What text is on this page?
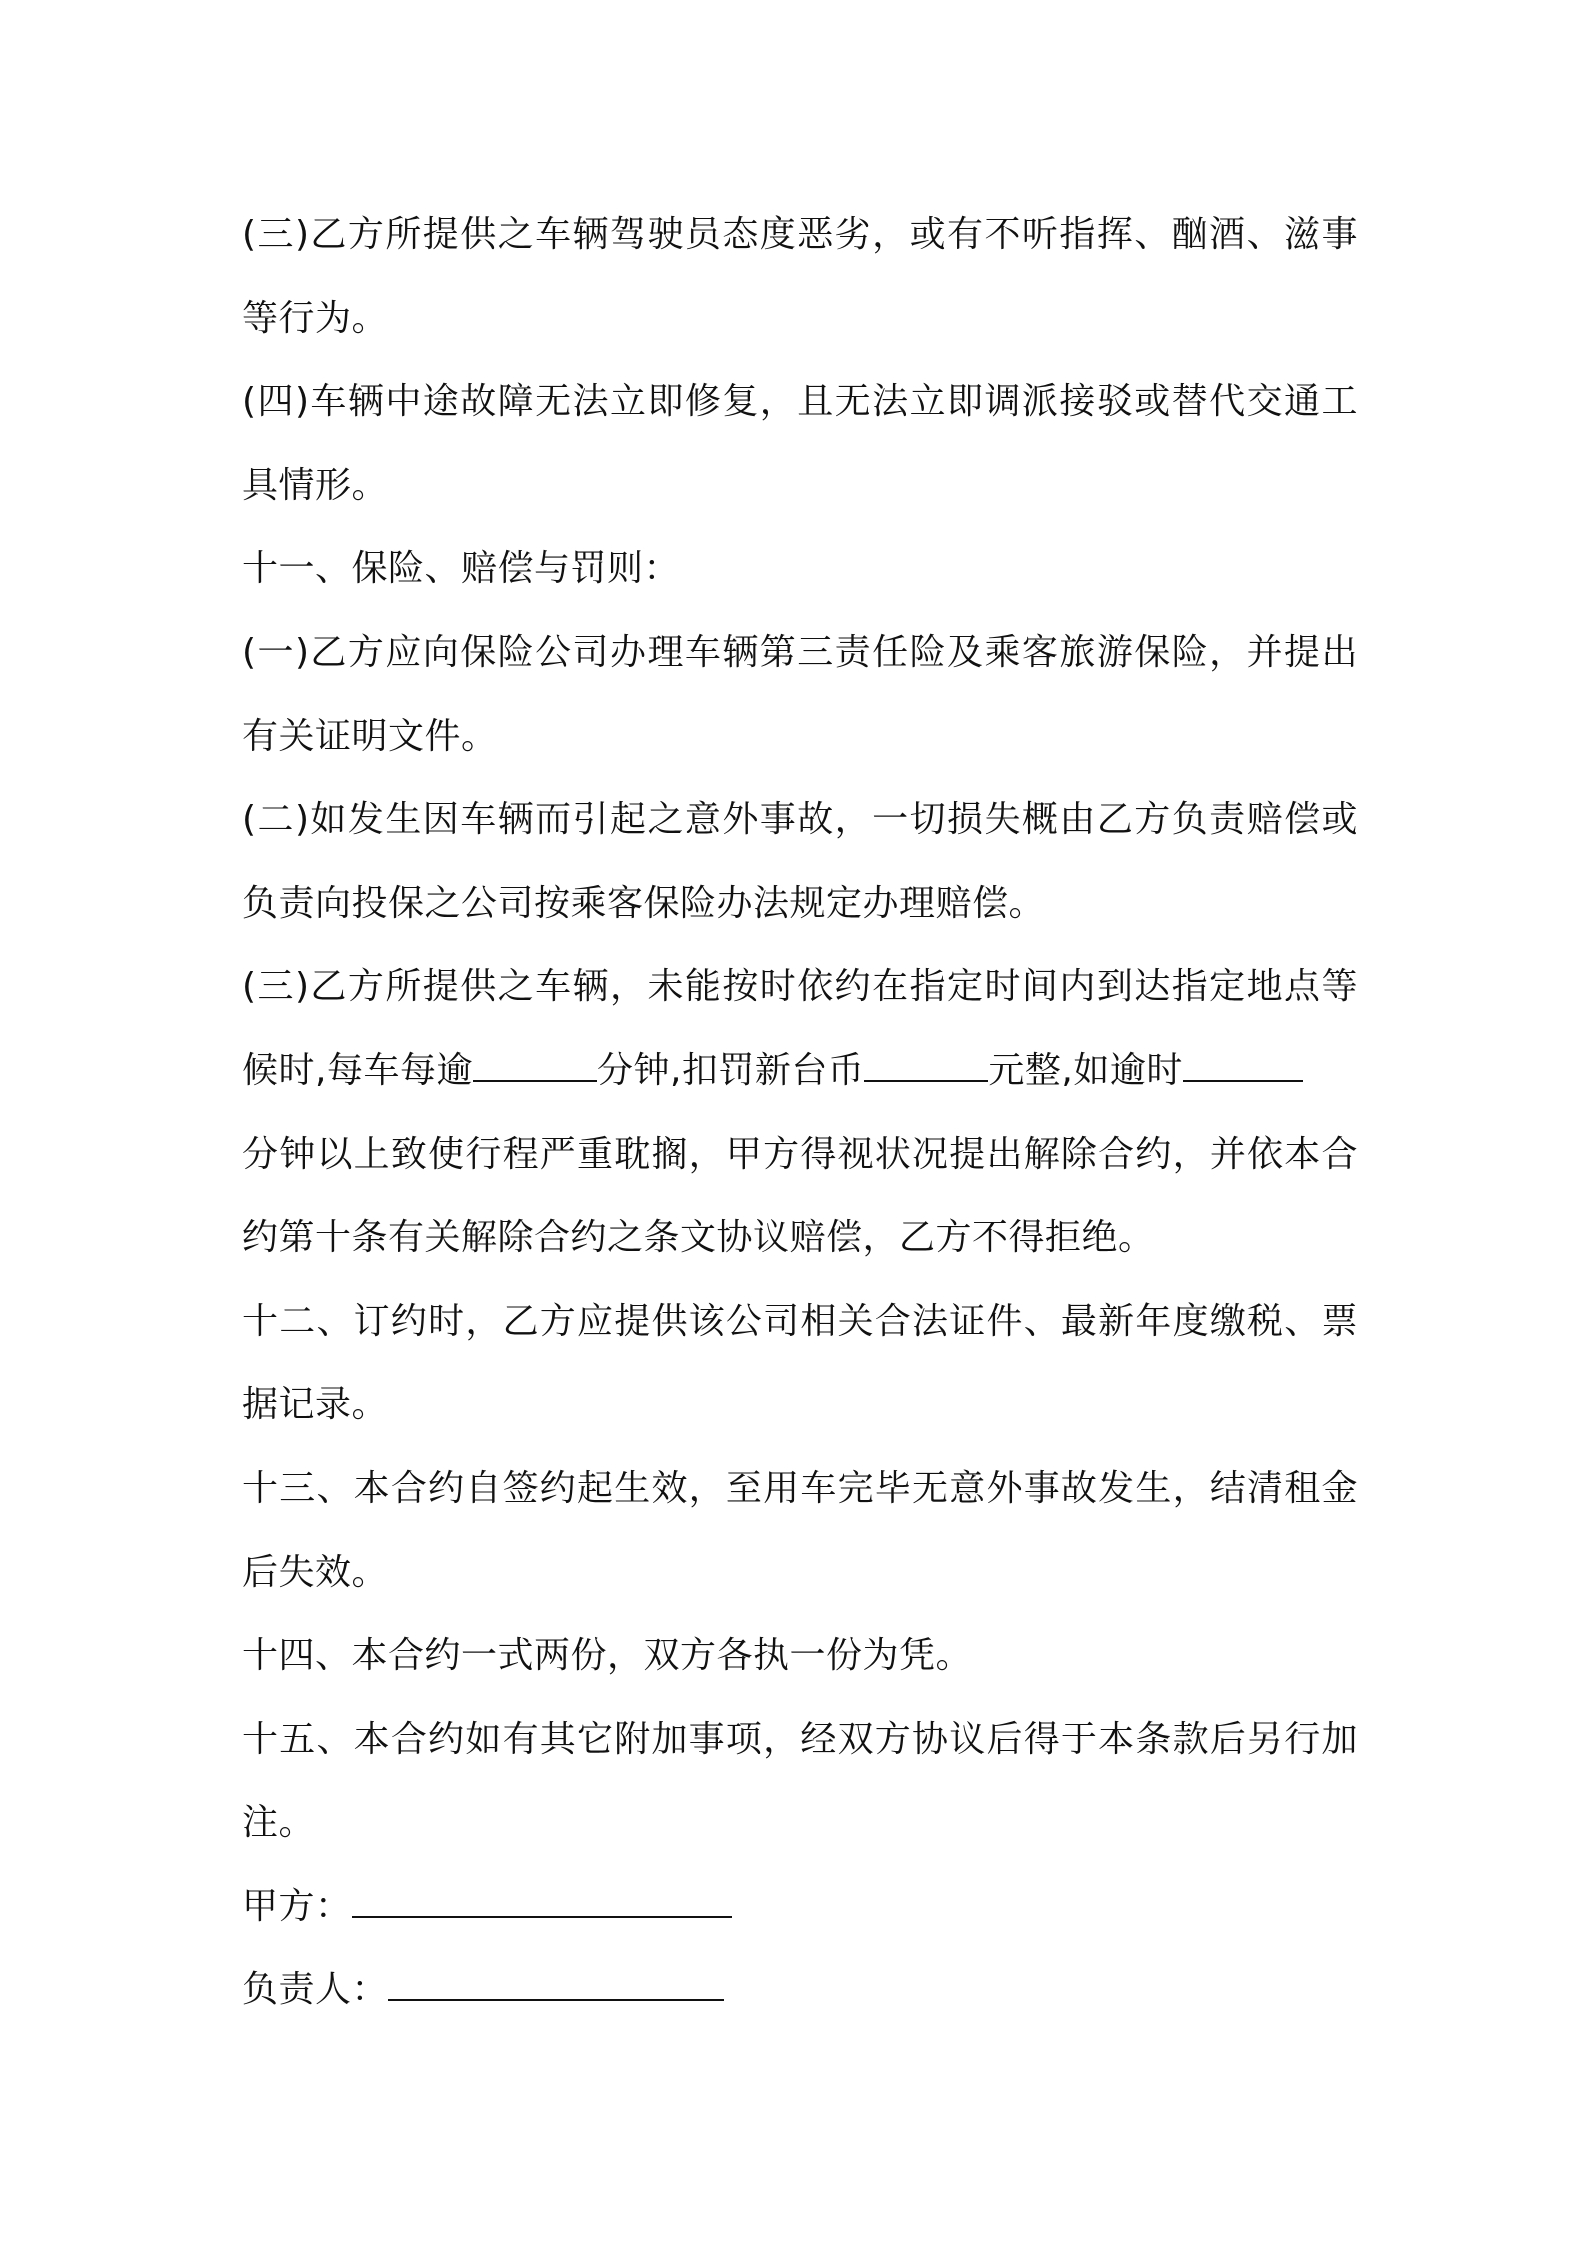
(三)乙方所提供之车辆驾驶员态度恶劣，或有不听指挥、酗酒、滋事
等行为。
(四)车辆中途故障无法立即修复，且无法立即调派接驳或替代交通工
具情形。
十一、保险、赔偿与罚则：
(一)乙方应向保险公司办理车辆第三责任险及乘客旅游保险，并提出
有关证明文件。
(二)如发生因车辆而引起之意外事故，一切损失概由乙方负责赔偿或
负责向投保之公司按乘客保险办法规定办理赔偿。
(三)乙方所提供之车辆，未能按时依约在指定时间内到达指定地点等
候时,每车每逾	分钟,扣罚新台币	元整,如逾时
分钟以上致使行程严重耽搁，甲方得视状况提出解除合约，并依本合
约第十条有关解除合约之条文协议赔偿，乙方不得拒绝。
十二、订约时，乙方应提供该公司相关合法证件、最新年度缴税、票
据记录。
十三、本合约自签约起生效，至用车完毕无意外事故发生，结清租金
后失效。
十四、本合约一式两份，双方各执一份为凭。
十五、本合约如有其它附加事项，经双方协议后得于本条款后另行加
注。
甲方：
负责人：
